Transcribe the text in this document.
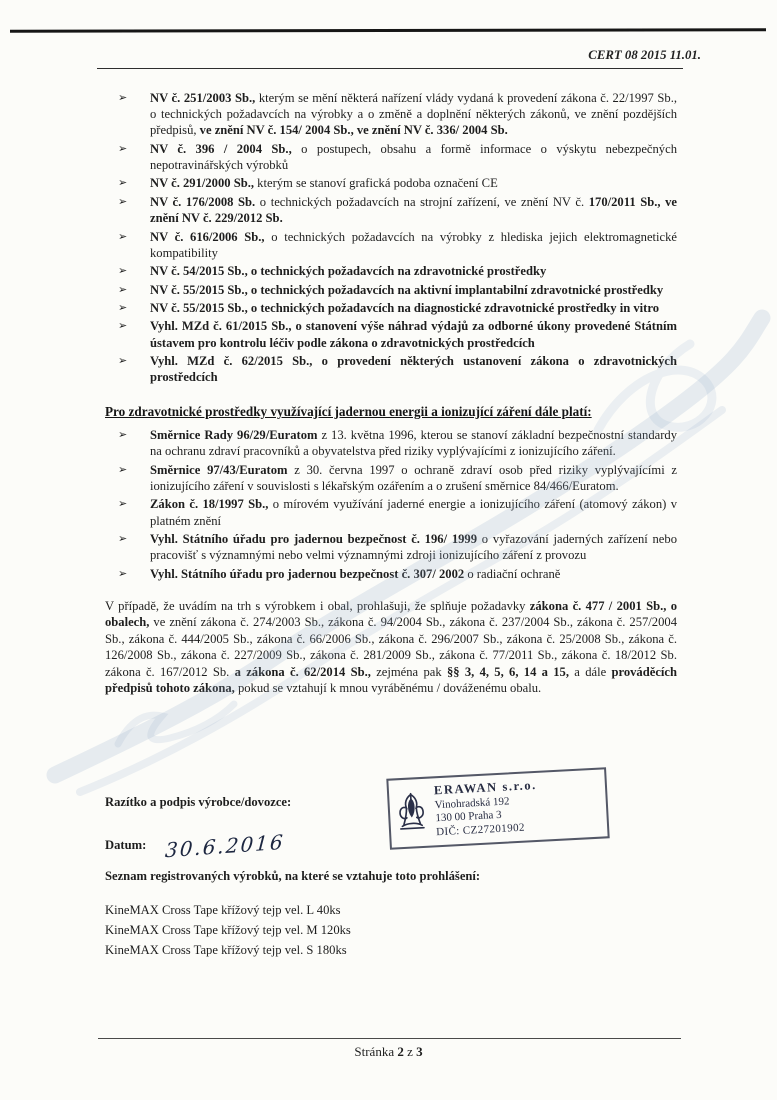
CERT 08 2015 11.01.
➢ NV č. 251/2003 Sb., kterým se mění některá nařízení vlády vydaná k provedení zákona č. 22/1997 Sb., o technických požadavcích na výrobky a o změně a doplnění některých zákonů, ve znění pozdějších předpisů, ve znění NV č. 154/ 2004 Sb., ve znění NV č. 336/ 2004 Sb.
➢ NV č. 396 / 2004 Sb., o postupech, obsahu a formě informace o výskytu nebezpečných nepotravinářských výrobků
➢ NV č. 291/2000 Sb., kterým se stanoví grafická podoba označení CE
➢ NV č. 176/2008 Sb. o technických požadavcích na strojní zařízení, ve znění NV č. 170/2011 Sb., ve znění NV č. 229/2012 Sb.
➢ NV č. 616/2006 Sb., o technických požadavcích na výrobky z hlediska jejich elektromagnetické kompatibility
➢ NV č. 54/2015 Sb., o technických požadavcích na zdravotnické prostředky
➢ NV č. 55/2015 Sb., o technických požadavcích na aktivní implantabilní zdravotnické prostředky
➢ NV č. 55/2015 Sb., o technických požadavcích na diagnostické zdravotnické prostředky in vitro
➢ Vyhl. MZd č. 61/2015 Sb., o stanovení výše náhrad výdajů za odborné úkony provedené Státním ústavem pro kontrolu léčiv podle zákona o zdravotnických prostředcích
➢ Vyhl. MZd č. 62/2015 Sb., o provedení některých ustanovení zákona o zdravotnických prostředcích
Pro zdravotnické prostředky využívající jadernou energii a ionizující záření dále platí:
➢ Směrnice Rady 96/29/Euratom z 13. května 1996, kterou se stanoví základní bezpečnostní standardy na ochranu zdraví pracovníků a obyvatelstva před riziky vyplývajícími z ionizujícího záření.
➢ Směrnice 97/43/Euratom z 30. června 1997 o ochraně zdraví osob před riziky vyplývajícími z ionizujícího záření v souvislosti s lékařským ozářením a o zrušení směrnice 84/466/Euratom.
➢ Zákon č. 18/1997 Sb., o mírovém využívání jaderné energie a ionizujícího záření (atomový zákon) v platném znění
➢ Vyhl. Státního úřadu pro jadernou bezpečnost č. 196/ 1999 o vyřazování jaderných zařízení nebo pracovišť s významnými nebo velmi významnými zdroji ionizujícího záření z provozu
➢ Vyhl. Státního úřadu pro jadernou bezpečnost č. 307/ 2002 o radiační ochraně

V případě, že uvádím na trh s výrobkem i obal, prohlašuji, že splňuje požadavky zákona č. 477 / 2001 Sb., o obalech, ve znění zákona č. 274/2003 Sb., zákona č. 94/2004 Sb., zákona č. 237/2004 Sb., zákona č. 257/2004 Sb., zákona č. 444/2005 Sb., zákona č. 66/2006 Sb., zákona č. 296/2007 Sb., zákona č. 25/2008 Sb., zákona č. 126/2008 Sb., zákona č. 227/2009 Sb., zákona č. 281/2009 Sb., zákona č. 77/2011 Sb., zákona č. 18/2012 Sb. zákona č. 167/2012 Sb. a zákona č. 62/2014 Sb., zejména pak §§ 3, 4, 5, 6, 14 a 15, a dále prováděcích předpisů tohoto zákona, pokud se vztahují k mnou vyráběnému / dováženému obalu.

Razítko a podpis výrobce/dovozce:
ERAWAN s.r.o.
Vinohradská 192
130 00 Praha 3
DIČ: CZ27201902
Datum: 30.6.2016
Seznam registrovaných výrobků, na které se vztahuje toto prohlášení:
KineMAX Cross Tape křížový tejp vel. L 40ks
KineMAX Cross Tape křížový tejp vel. M 120ks
KineMAX Cross Tape křížový tejp vel. S 180ks
Stránka 2 z 3
